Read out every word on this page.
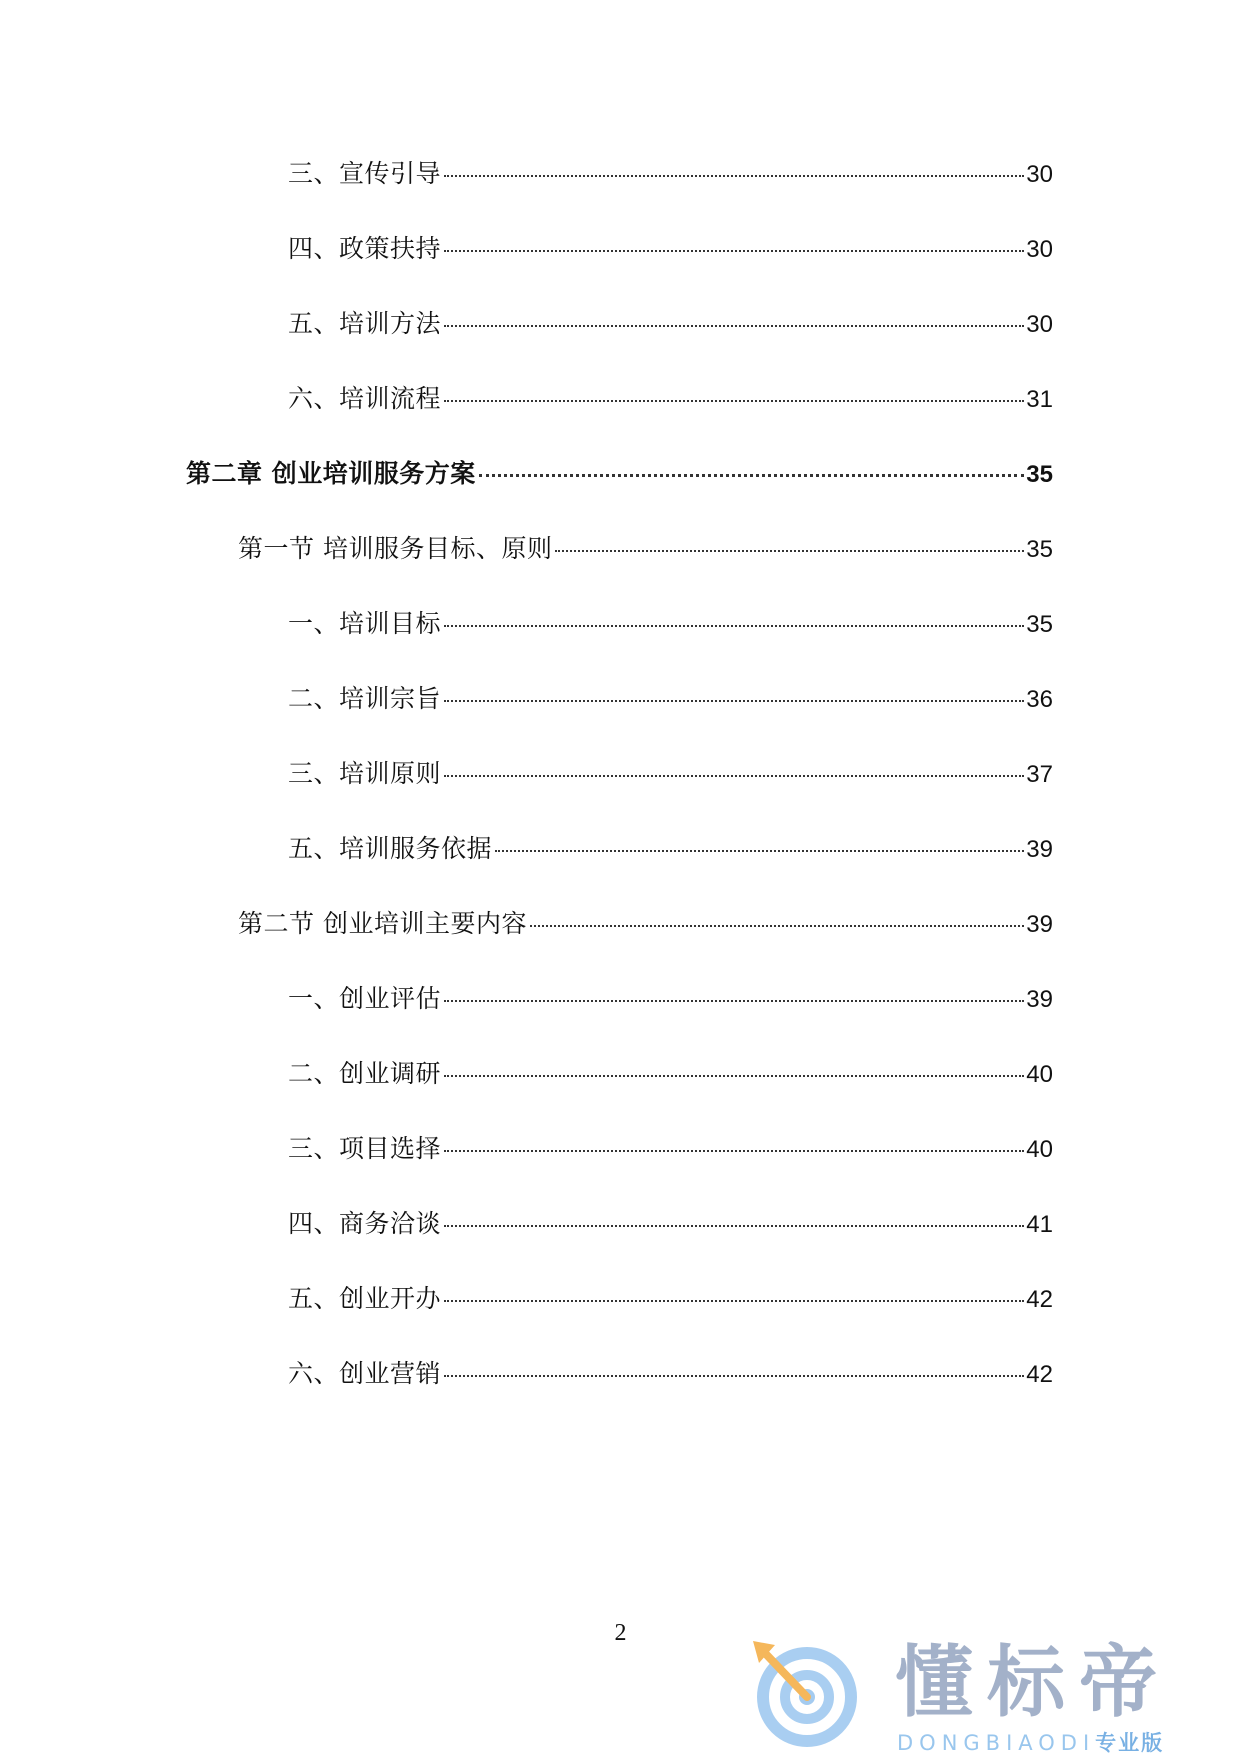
三、宣传引导	30
四、政策扶持	30
五、培训方法	30
六、培训流程	31
第二章 创业培训服务方案	35
第一节 培训服务目标、原则	35
一、培训目标	35
二、培训宗旨	36
三、培训原则	37
五、培训服务依据	39
第二节 创业培训主要内容	39
一、创业评估	39
二、创业调研	40
三、项目选择	40
四、商务洽谈	41
五、创业开办	42
六、创业营销	42
2
懂标帝
DONGBIAODI专业版
